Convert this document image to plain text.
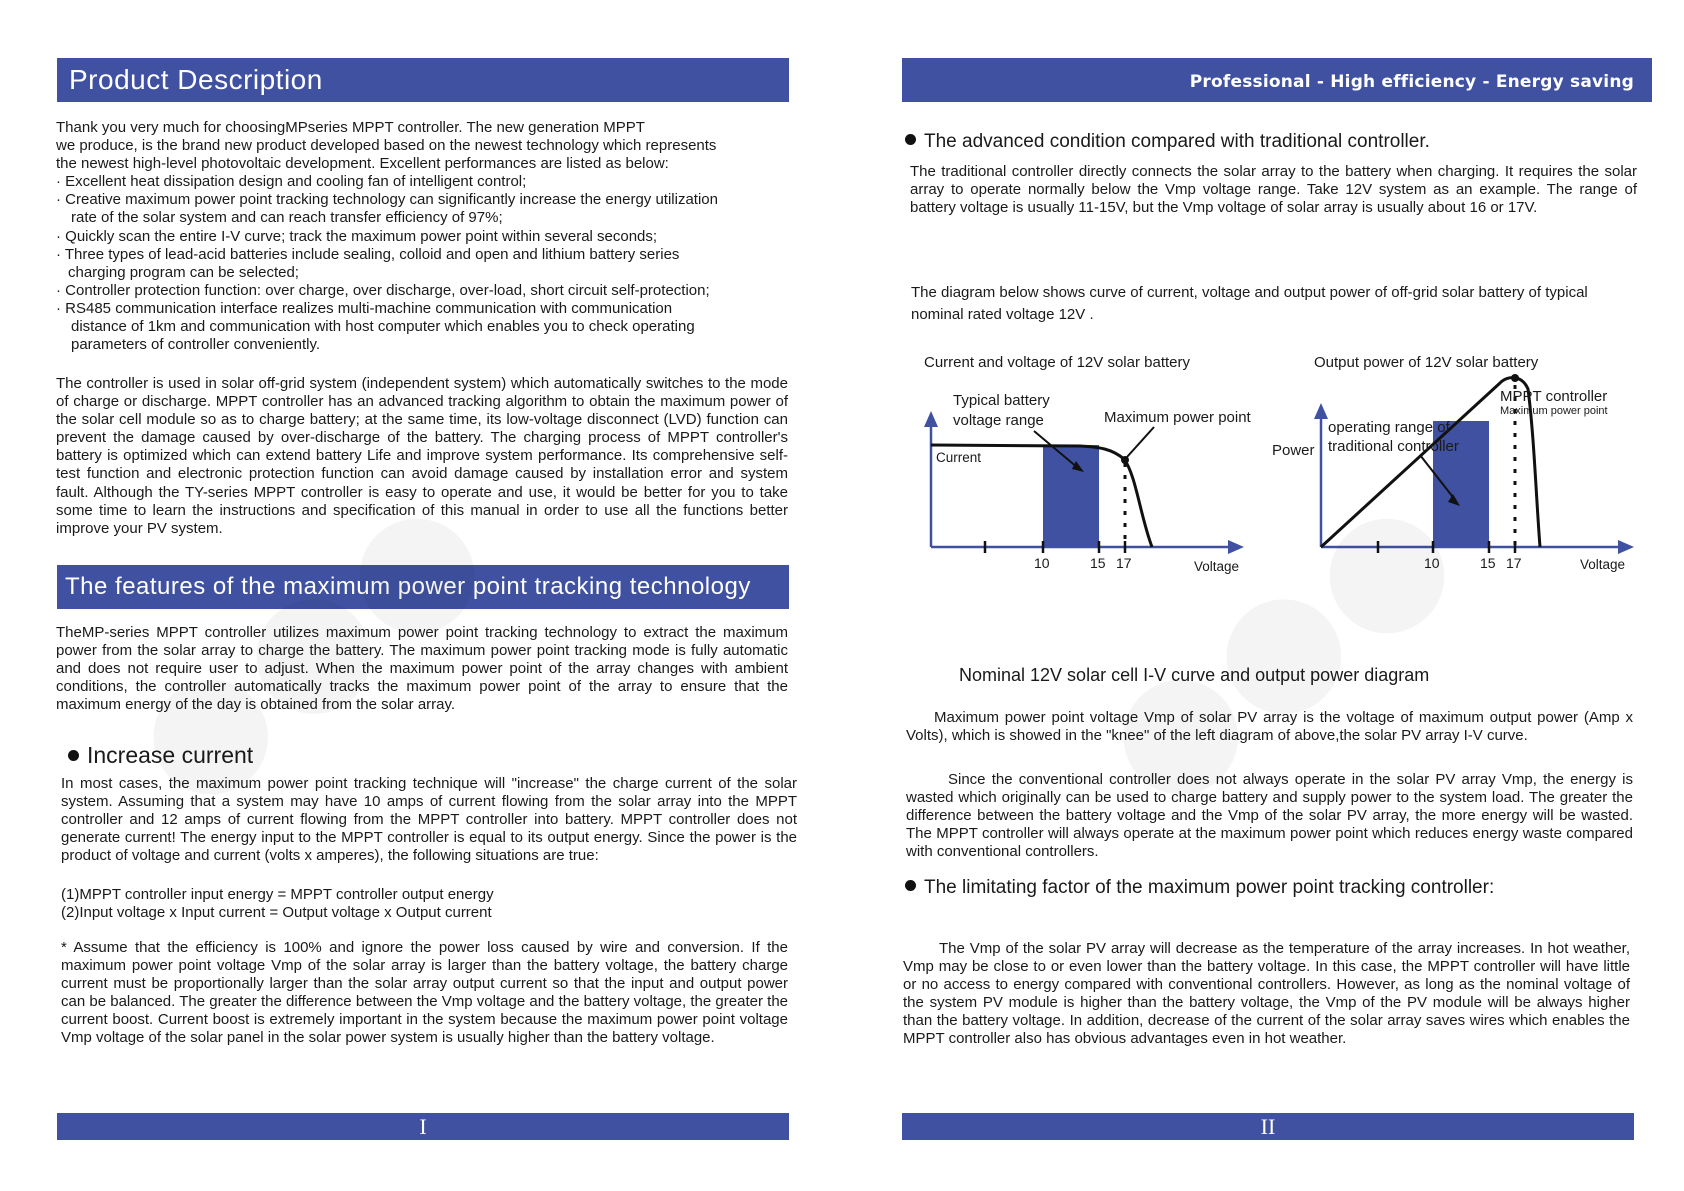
Product Description

Thank you very much for choosingMPseries MPPT controller. The new generation MPPT

we produce, is the brand new product developed based on the newest technology which represents

the newest high-level photovoltaic development. Excellent performances are listed as below:

· Excellent heat dissipation design and cooling fan of intelligent control;

· Creative maximum power point tracking technology can significantly increase the energy utilization

rate of the solar system and can reach transfer efficiency of 97%;

· Quickly scan the entire I-V curve; track the maximum power point within several seconds;

· Three types of lead-acid batteries include sealing, colloid and open and lithium battery series

charging program can be selected;

· Controller protection function: over charge, over discharge, over-load, short circuit self-protection;

· RS485 communication interface realizes multi-machine communication with communication

distance of 1km and communication with host computer which enables you to check operating

parameters of controller conveniently.

The controller is used in solar off-grid system (independent system) which automatically switches to the mode of charge or discharge. MPPT controller has an advanced tracking algorithm to obtain the maximum power of the solar cell module so as to charge battery; at the same time, its low-voltage disconnect (LVD) function can prevent the damage caused by over-discharge of the battery. The charging process of MPPT controller's battery is optimized which can extend battery Life and improve system performance. Its comprehensive self-test function and electronic protection function can avoid damage caused by installation error and system fault. Although the TY-series MPPT controller is easy to operate and use, it would be better for you to take some time to learn the instructions and specification of this manual in order to use all the functions better improve your PV system.

The features of the maximum power point tracking technology

TheMP-series MPPT controller utilizes maximum power point tracking technology to extract the maximum power from the solar array to charge the battery. The maximum power point tracking mode is fully automatic and does not require user to adjust. When the maximum power point of the array changes with ambient conditions, the controller automatically tracks the maximum power point of the array to ensure that the maximum energy of the day is obtained from the solar array.

Increase current

In most cases, the maximum power point tracking technique will "increase" the charge current of the solar system. Assuming that a system may have 10 amps of current flowing from the solar array into the MPPT controller and 12 amps of current flowing from the MPPT controller into battery. MPPT controller does not generate current! The energy input to the MPPT controller is equal to its output energy. Since the power is the product of voltage and current (volts x amperes), the following situations are true:

(1)MPPT controller input energy = MPPT controller output energy

(2)Input voltage x Input current = Output voltage x Output current

* Assume that the efficiency is 100% and ignore the power loss caused by wire and conversion. If the maximum power point voltage Vmp of the solar array is larger than the battery voltage, the battery charge current must be proportionally larger than the solar array output current so that the input and output power can be balanced. The greater the difference between the Vmp voltage and the battery voltage, the greater the current boost. Current boost is extremely important in the system because the maximum power point voltage Vmp voltage of the solar panel in the solar power system is usually higher than the battery voltage.

I
Professional - High efficiency - Energy saving
The advanced condition compared with traditional controller.

The traditional controller directly connects the solar array to the battery when charging. It requires the solar array to operate normally below the Vmp voltage range. Take 12V system as an example. The range of battery voltage is usually 11-15V, but the Vmp voltage of solar array is usually about 16 or 17V.

The diagram below shows curve of current, voltage and output power of off-grid solar battery of typical nominal rated voltage 12V .

Current and voltage of 12V solar battery	Output power of 12V solar battery
Current
Typical battery
voltage range	Maximum power point
10	15 17	Voltage
Power
operating range of
traditional controller
MPPT controller
Maximum power point
10	15 17	Voltage

Nominal 12V solar cell I-V curve and output power diagram

Maximum power point voltage Vmp of solar PV array is the voltage of maximum output power (Amp x Volts), which is showed in the "knee" of the left diagram of above,the solar PV array I-V curve.

Since the conventional controller does not always operate in the solar PV array Vmp, the energy is wasted which originally can be used to charge battery and supply power to the system load. The greater the difference between the battery voltage and the Vmp of the solar PV array, the more energy will be wasted. The MPPT controller will always operate at the maximum power point which reduces energy waste compared with conventional controllers.

The limitating factor of the maximum power point tracking controller:

The Vmp of the solar PV array will decrease as the temperature of the array increases. In hot weather, Vmp may be close to or even lower than the battery voltage. In this case, the MPPT controller will have little or no access to energy compared with conventional controllers. However, as long as the nominal voltage of the system PV module is higher than the battery voltage, the Vmp of the PV module will be always higher than the battery voltage. In addition, decrease of the current of the solar array saves wires which enables the MPPT controller also has obvious advantages even in hot weather.

II
